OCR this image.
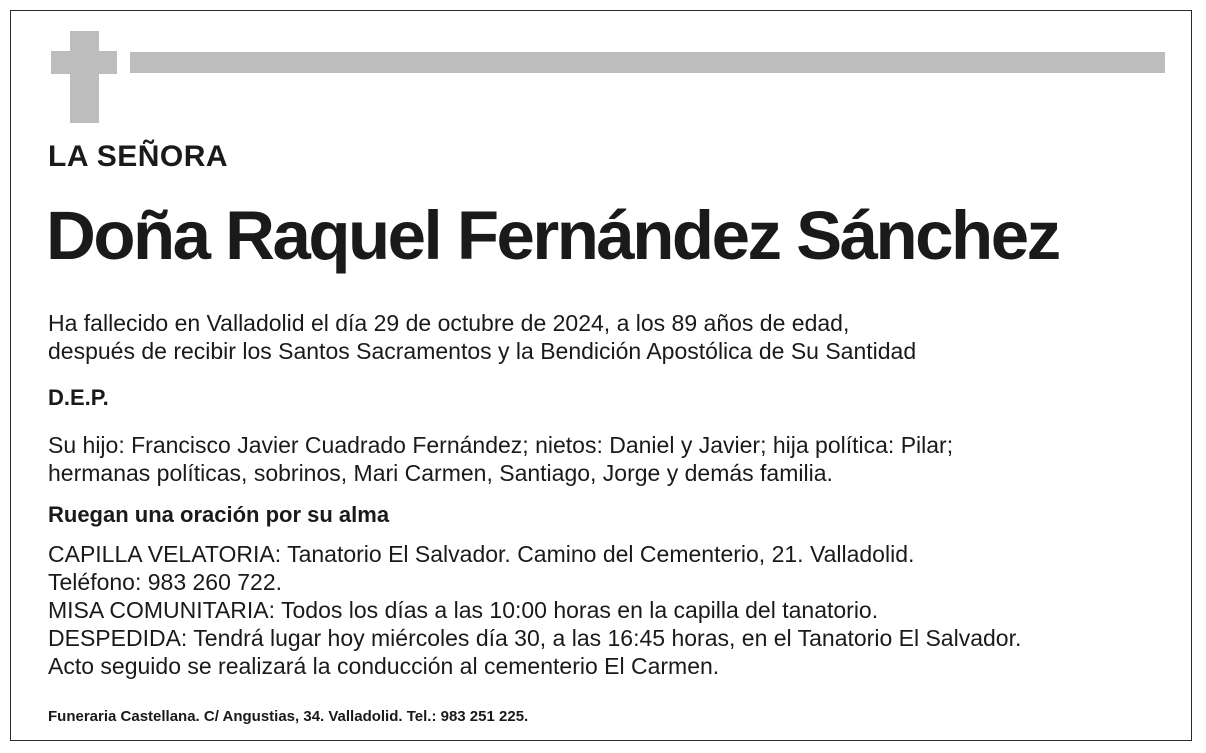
LA SEÑORA
Doña Raquel Fernández Sánchez
Ha fallecido en Valladolid el día 29 de octubre de 2024, a los 89 años de edad,
después de recibir los Santos Sacramentos y la Bendición Apostólica de Su Santidad
D.E.P.
Su hijo: Francisco Javier Cuadrado Fernández; nietos: Daniel y Javier; hija política: Pilar;
hermanas políticas, sobrinos, Mari Carmen, Santiago, Jorge y demás familia.
Ruegan una oración por su alma
CAPILLA VELATORIA: Tanatorio El Salvador. Camino del Cementerio, 21. Valladolid.
Teléfono: 983 260 722.
MISA COMUNITARIA: Todos los días a las 10:00 horas en la capilla del tanatorio.
DESPEDIDA: Tendrá lugar hoy miércoles día 30, a las 16:45 horas, en el Tanatorio El Salvador.
Acto seguido se realizará la conducción al cementerio El Carmen.
Funeraria Castellana. C/ Angustias, 34. Valladolid. Tel.: 983 251 225.
